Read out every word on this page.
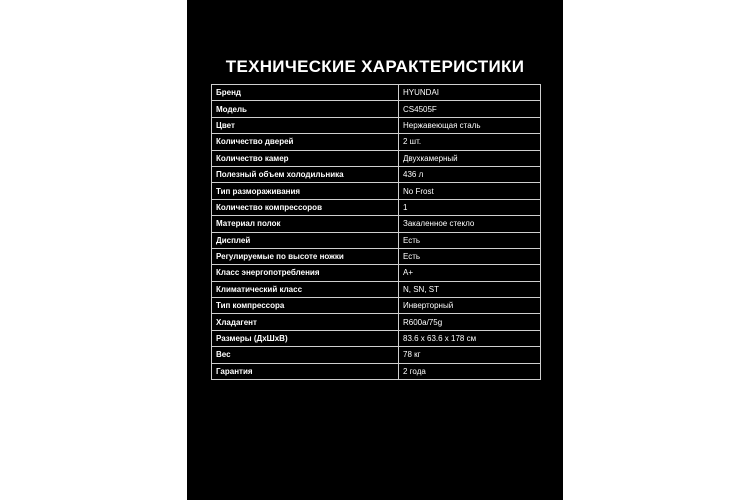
ТЕХНИЧЕСКИЕ ХАРАКТЕРИСТИКИ
Бренд	HYUNDAI
Модель	CS4505F
Цвет	Нержавеющая сталь
Количество дверей	2 шт.
Количество камер	Двухкамерный
Полезный объем холодильника	436 л
Тип размораживания	No Frost
Количество компрессоров	1
Материал полок	Закаленное стекло
Дисплей	Есть
Регулируемые по высоте ножки	Есть
Класс энергопотребления	A+
Климатический класс	N, SN, ST
Тип компрессора	Инверторный
Хладагент	R600a/75g
Размеры (ДхШхВ)	83.6 x 63.6 x 178 см
Вес	78 кг
Гарантия	2 года
